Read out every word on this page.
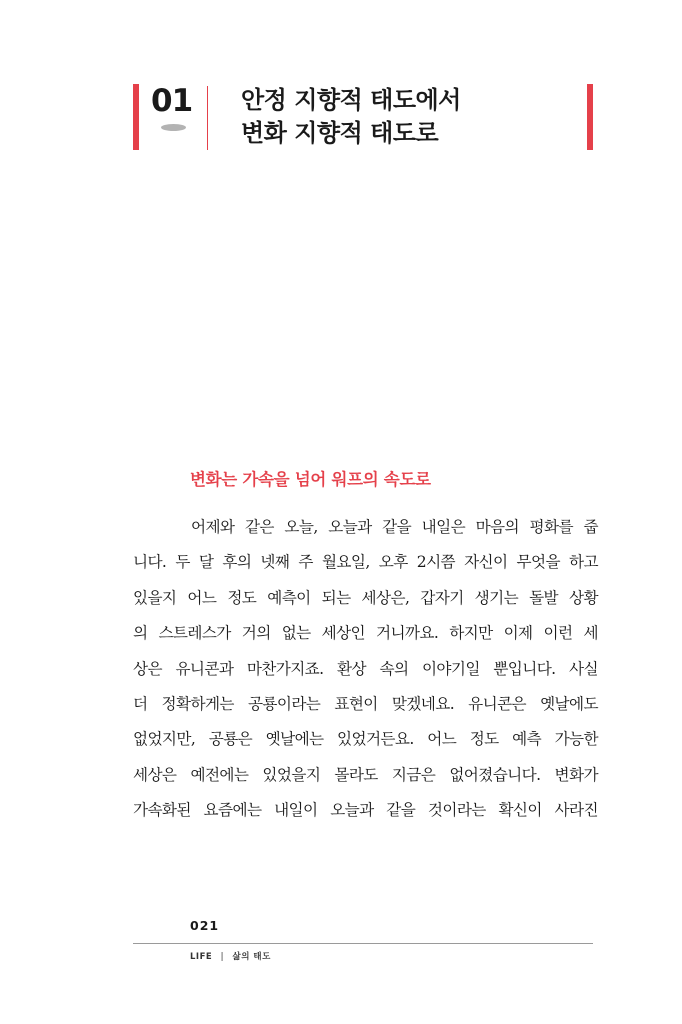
01 안정 지향적 태도에서
변화 지향적 태도로
변화는 가속을 넘어 워프의 속도로
어제와 같은 오늘, 오늘과 같을 내일은 마음의 평화를 줍
니다. 두 달 후의 넷째 주 월요일, 오후 2시쯤 자신이 무엇을 하고
있을지 어느 정도 예측이 되는 세상은, 갑자기 생기는 돌발 상황
의 스트레스가 거의 없는 세상인 거니까요. 하지만 이제 이런 세
상은 유니콘과 마찬가지죠. 환상 속의 이야기일 뿐입니다. 사실
더 정확하게는 공룡이라는 표현이 맞겠네요. 유니콘은 옛날에도
없었지만, 공룡은 옛날에는 있었거든요. 어느 정도 예측 가능한
세상은 예전에는 있었을지 몰라도 지금은 없어졌습니다. 변화가
가속화된 요즘에는 내일이 오늘과 같을 것이라는 확신이 사라진
021
LIFE | 삶의 태도
